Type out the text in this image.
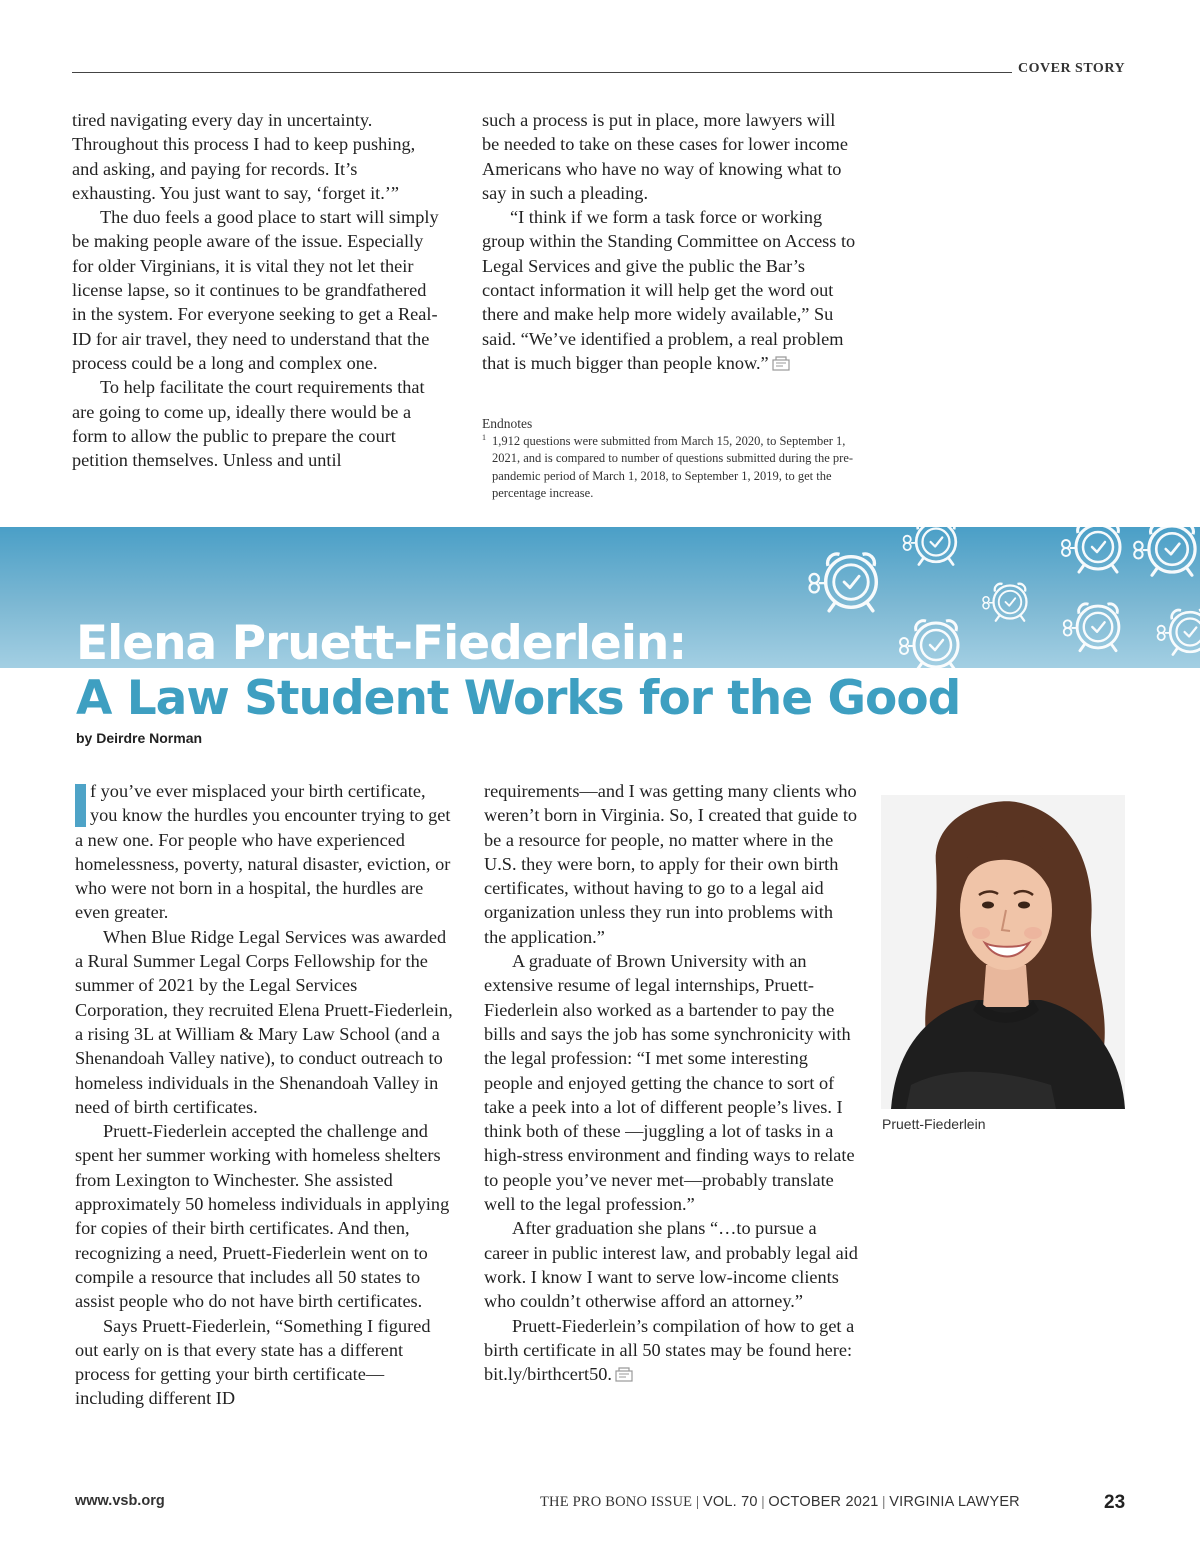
COVER STORY

tired navigating every day in uncertainty. Throughout this process I had to keep pushing, and asking, and paying for records. It’s exhausting. You just want to say, ‘forget it.’”

The duo feels a good place to start will simply be making people aware of the issue. Especially for older Virginians, it is vital they not let their license lapse, so it continues to be grandfathered in the system. For everyone seeking to get a Real-ID for air travel, they need to understand that the process could be a long and complex one.

To help facilitate the court requirements that are going to come up, ideally there would be a form to allow the public to prepare the court petition themselves. Unless and until

such a process is put in place, more lawyers will be needed to take on these cases for lower income Americans who have no way of knowing what to say in such a pleading.

“I think if we form a task force or working group within the Standing Committee on Access to Legal Services and give the public the Bar’s contact information it will help get the word out there and make help more widely available,” Su said. “We’ve identified a problem, a real problem that is much bigger than people know.”

Endnotes
1 1,912 questions were submitted from March 15, 2020, to September 1, 2021, and is compared to number of questions submitted during the pre-pandemic period of March 1, 2018, to September 1, 2019, to get the percentage increase.
Elena Pruett-Fiederlein:
A Law Student Works for the Good
by Deirdre Norman

I f you’ve ever misplaced your birth certificate, you know the hurdles you encounter trying to get a new one. For people who have experienced homelessness, poverty, natural disaster, eviction, or who were not born in a hospital, the hurdles are even greater.

When Blue Ridge Legal Services was awarded a Rural Summer Legal Corps Fellowship for the summer of 2021 by the Legal Services Corporation, they recruited Elena Pruett-Fiederlein, a rising 3L at William & Mary Law School (and a Shenandoah Valley native), to conduct outreach to homeless individuals in the Shenandoah Valley in need of birth certificates.

Pruett-Fiederlein accepted the challenge and spent her summer working with homeless shelters from Lexington to Winchester. She assisted approximately 50 homeless individuals in applying for copies of their birth certificates. And then, recognizing a need, Pruett-Fiederlein went on to compile a resource that includes all 50 states to assist people who do not have birth certificates.

Says Pruett-Fiederlein, “Something I figured out early on is that every state has a different process for getting your birth certificate—including different ID

requirements—and I was getting many clients who weren’t born in Virginia. So, I created that guide to be a resource for people, no matter where in the U.S. they were born, to apply for their own birth certificates, without having to go to a legal aid organization unless they run into problems with the application.”

A graduate of Brown University with an extensive resume of legal internships, Pruett-Fiederlein also worked as a bartender to pay the bills and says the job has some synchronicity with the legal profession: “I met some interesting people and enjoyed getting the chance to sort of take a peek into a lot of different people’s lives. I think both of these —juggling a lot of tasks in a high-stress environment and finding ways to relate to people you’ve never met—probably translate well to the legal profession.”

After graduation she plans “…to pursue a career in public interest law, and probably legal aid work. I know I want to serve low-income clients who couldn’t otherwise afford an attorney.”

Pruett-Fiederlein’s compilation of how to get a birth certificate in all 50 states may be found here: bit.ly/birthcert50.

Pruett-Fiederlein
www.vsb.org	THE PRO BONO ISSUE | VOL. 70 | OCTOBER 2021 | VIRGINIA LAWYER	23
